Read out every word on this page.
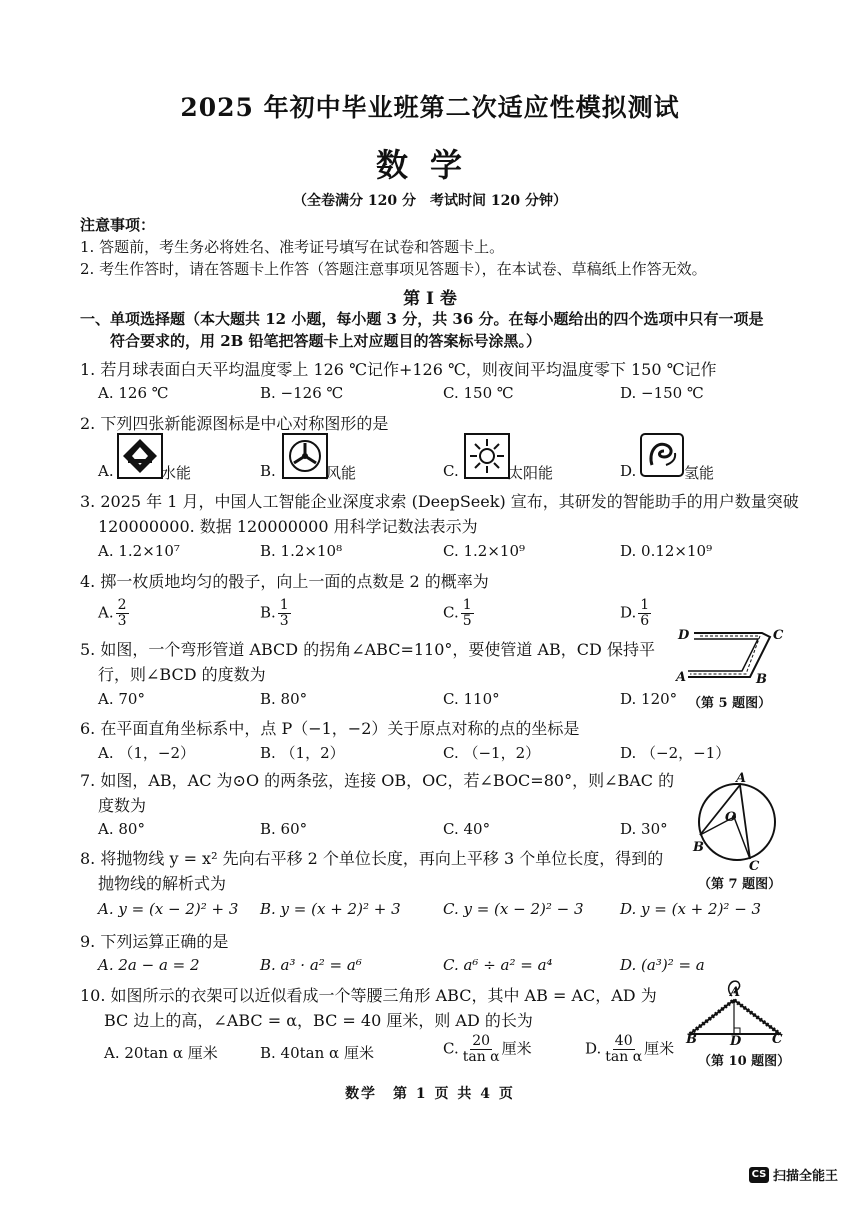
2025 年初中毕业班第二次适应性模拟测试
数学
（全卷满分 120 分　考试时间 120 分钟）
注意事项：
1. 答题前，考生务必将姓名、准考证号填写在试卷和答题卡上。
2. 考生作答时，请在答题卡上作答（答题注意事项见答题卡），在本试卷、草稿纸上作答无效。
第 Ⅰ 卷
一、单项选择题（本大题共 12 小题，每小题 3 分，共 36 分。在每小题给出的四个选项中只有一项是
符合要求的，用 2B 铅笔把答题卡上对应题目的答案标号涂黑。）
1. 若月球表面白天平均温度零上 126 ℃记作+126 ℃，则夜间平均温度零下 150 ℃记作
A. 126 ℃	B. −126 ℃	C. 150 ℃	D. −150 ℃
2. 下列四张新能源图标是中心对称图形的是
A.	水能	B.	风能	C.	太阳能	D.	氢能
3. 2025 年 1 月，中国人工智能企业深度求索 (DeepSeek) 宣布，其研发的智能助手的用户数量突破
120000000. 数据 120000000 用科学记数法表示为
A. 1.2×10⁷	B. 1.2×10⁸	C. 1.2×10⁹	D. 0.12×10⁹
4. 掷一枚质地均匀的骰子，向上一面的点数是 2 的概率为
A. $\frac{2}{3}$	B. $\frac{1}{3}$	C. $\frac{1}{5}$	D. $\frac{1}{6}$
5. 如图，一个弯形管道 ABCD 的拐角∠ABC=110°，要使管道 AB，CD 保持平
行，则∠BCD 的度数为
A. 70°	B. 80°	C. 110°	D. 120°
D	C
A	B
（第 5 题图）
6. 在平面直角坐标系中，点 P（−1，−2）关于原点对称的点的坐标是
A. （1，−2）	B. （1，2）	C. （−1，2）	D. （−2，−1）
7. 如图，AB，AC 为⊙O 的两条弦，连接 OB，OC，若∠BOC=80°，则∠BAC 的
度数为
A. 80°	B. 60°	C. 40°	D. 30°
A
O
B
C
（第 7 题图）
8. 将抛物线 y = x² 先向右平移 2 个单位长度，再向上平移 3 个单位长度，得到的
抛物线的解析式为
A. y = (x − 2)² + 3 B. y = (x + 2)² + 3	C. y = (x − 2)² − 3 D. y = (x + 2)² − 3
9. 下列运算正确的是
A. 2a − a = 2	B. a³ · a² = a⁶	C. a⁶ ÷ a² = a⁴	D. (a³)² = a
10. 如图所示的衣架可以近似看成一个等腰三角形 ABC，其中 AB = AC，AD 为
BC 边上的高，∠ABC = α，BC = 40 厘米，则 AD 的长为
A. 20tan α 厘米	B. 40tan α 厘米	C. $\frac{20}{\text{tan α}}$ 厘米	D. $\frac{40}{\text{tan α}}$ 厘米
A
B	D C
（第 10 题图）
数学　第 1 页 共 4 页
CS 扫描全能王
